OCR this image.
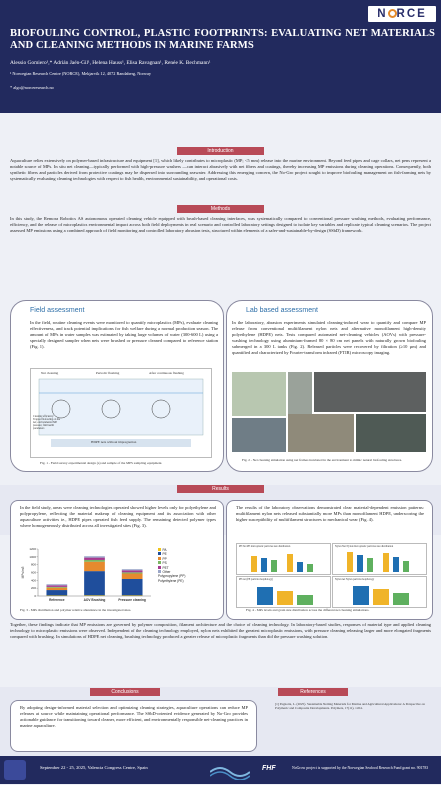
N RCE
BIOFOULING CONTROL, PLASTIC FOOTPRINTS: EVALUATING NET MATERIALS AND CLEANING METHODS IN MARINE FARMS
Alessio Gomiero¹,* Adrián Jaén-Gil¹, Helena Hauss¹, Elisa Ravagnan¹, Renée K. Bechmann¹
¹ Norwegian Research Centre (NORCE), Mekjarvik 12, 4072 Randaberg, Norway
* algo@norceresearch.no
Introduction
Aquaculture relies extensively on polymer-based infrastructure and equipment [1], which likely contributes to microplastic (MP; <5 mm) release into the marine environment. Beyond feed pipes and cage collars, net pens represent a notable source of MPs. In situ net cleaning—typically performed with high-pressure washers —can interact abrasively with net fibers and coatings, thereby increasing MP emissions during cleaning operations. Consequently, both synthetic fibers and particles derived from protective coatings may be dispersed into surrounding seawater. Addressing this emerging concern, the No-Gro project sought to improve biofouling management on fish-farming nets by systematically evaluating cleaning technologies with respect to fish health, environmental sustainability, and operational costs.
Methods
In this study, the Remora Robotics AS autonomous operated cleaning vehicle equipped with brush-based cleaning interfaces, was systematically compared to conventional pressure washing methods, evaluating performance, efficiency, and the release of microplastics environmental impact across both field deployments in real scenario and controlled laboratory settings designed to isolate key variables and replicate typical cleaning scenarios. The project assessed MP emissions using a combined approach of field monitoring and controlled laboratory abrasion tests, structured within elements of a safer-and-sustainable-by-design (SSbD) framework.
Field assessment
In the field, routine cleaning events were monitored to quantify microplastics (MPs), evaluate cleaning effectiveness, and track potential implications for fish welfare during a normal production season. The amount of MPs in water samples was estimated by taking large volumes of water (300-600 L) using a specially designed sampler when nets were brushed or pressure cleaned compared to reference station (Fig. 1).
Net cleaning	Periodic flushing	After continuous flushing
Cleaning efficiency: Trapped biofouling on the net; environmental MP pressure; fish health parameters
HDPE nets without impregnation
Fig. 1 - Field survey experimental design (a) and sample of the MPS sampling equipment.
Lab based assessment
In the laboratory, abrasion experiments simulated cleaning-induced wear to quantify and compare MP release from conventional multifilament nylon nets and alternative monofilament high-density polyethylene (HDPE) nets. Tests compared automated net-cleaning vehicles (AOVs) with pressure-washing technology using aluminium-framed 80 × 80 cm net panels with naturally grown biofouling submerged in a 300 L tanks (Fig. 2). Released particles were recovered by filtration (≥10 µm) and quantified and characterized by Fourier-transform infrared (FTIR) microscopy imaging.
Fig. 2 - Net cleaning simulation using net frames incubated in the environment to mimic natural biofouling structures.
Results
In the field study, areas were cleaning technologies operated showed higher levels only for polyethylene and polypropylene, reflecting the material makeup of cleaning equipment and its association with other aquaculture activities ie., HDPE pipes operated fish feed supply. The remaining detected polymer types where homogeneously distributed across all investigated sites (Fig. 3).
0
200
400
600
800
1000
1200
MPs/m3
Reference	AOV Brushing	Pressure cleaning
PA
PE
PP
PS
PET
Other
Polypropylene (PP)
Polyethylene (PE)
Fig. 3 - MPs distribution and polymer relative abundance in the investigated sites.
The results of the laboratory observations demonstrated clear material-dependent emission patterns: multifilament nylon nets released substantially more MPs than monofilament HDPE, underscoring the higher susceptibility of multifilament structures to mechanical wear (Fig. 4).
PE Net PE microplastic particles size distribution	Nylon Net Nylon microplastic particles size distribution
PE net (PE particle morphology)	Nylon net Nylon particle morphology
Fig. 4 - MPs levels and grain size distribution across the different net cleaning simulations.
Together, these findings indicate that MP emissions are governed by polymer composition, filament architecture and the choice of cleaning technology. In laboratory-based studies, responses of material type and applied cleaning technology to microplastic emissions were observed. Independent of the cleaning technology employed, nylon nets exhibited the greatest microplastic emissions, with pressure cleaning releasing larger and more elongated fragments compared with brushing. In simulations of HDPE net cleaning, brushing technology produced a greater release of microplastic fragments than did the pressure washing solution.
Conclusions	References
By adopting design-informed material selection and optimizing cleaning strategies, aquaculture operations can reduce MP releases at source while maintaining operational performance. The SSbD-oriented evidence generated by No-Gro provides actionable guidance for transitioning toward cleaner, more efficient, and environmentally responsible net-cleaning practices in marine aquaculture.
[1] Pagnotta, L. (2025). Sustainable Netting Materials for Marine and Agricultural Applications: A Perspective on Polymeric and Composite Developments. Polymers, 17(11), 1454.
September 22 - 25, 2025, Valencia Congress Centre, Spain	FHF	NoGrow project is supported by the Norwegian Seafood Research Fund grant no. 901783
